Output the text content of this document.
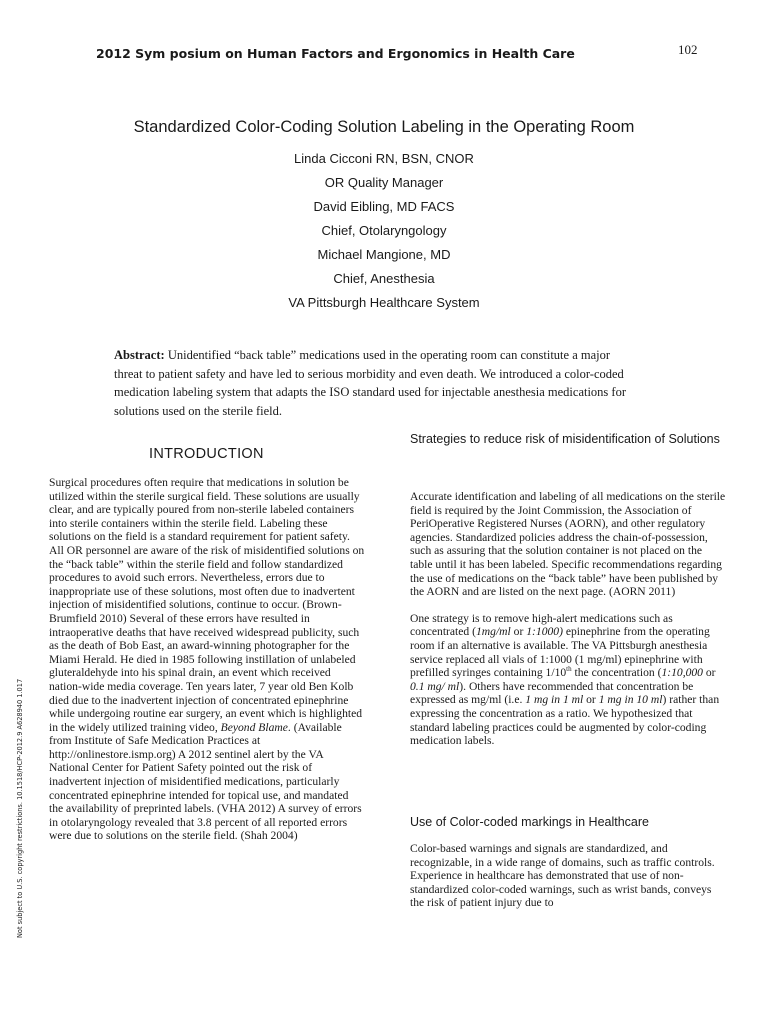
2012 Sym posium on Human Factors and Ergonomics in Health Care	102
Standardized Color-Coding Solution Labeling in the Operating Room
Linda Cicconi RN, BSN, CNOR
OR Quality Manager
David Eibling, MD FACS
Chief, Otolaryngology
Michael Mangione, MD
Chief, Anesthesia
VA Pittsburgh Healthcare System
Abstract: Unidentified “back table” medications used in the operating room can constitute a major threat to patient safety and have led to serious morbidity and even death. We introduced a color-coded medication labeling system that adapts the ISO standard used for injectable anesthesia medications for solutions used on the sterile field.
INTRODUCTION

Surgical procedures often require that medications in solution be utilized within the sterile surgical field. These solutions are usually clear, and are typically poured from non-sterile labeled containers into sterile containers within the sterile field. Labeling these solutions on the field is a standard requirement for patient safety. All OR personnel are aware of the risk of misidentified solutions on the “back table” within the sterile field and follow standardized procedures to avoid such errors. Nevertheless, errors due to inappropriate use of these solutions, most often due to inadvertent injection of misidentified solutions, continue to occur. (Brown-Brumfield 2010) Several of these errors have resulted in intraoperative deaths that have received widespread publicity, such as the death of Bob East, an award-winning photographer for the Miami Herald. He died in 1985 following instillation of unlabeled gluteraldehyde into his spinal drain, an event which received nation-wide media coverage. Ten years later, 7 year old Ben Kolb died due to the inadvertent injection of concentrated epinephrine while undergoing routine ear surgery, an event which is highlighted in the widely utilized training video, Beyond Blame. (Available from Institute of Safe Medication Practices at http://onlinestore.ismp.org) A 2012 sentinel alert by the VA National Center for Patient Safety pointed out the risk of inadvertent injection of misidentified medications, particularly concentrated epinephrine intended for topical use, and mandated the availability of preprinted labels. (VHA 2012) A survey of errors in otolaryngology revealed that 3.8 percent of all reported errors were due to solutions on the sterile field. (Shah 2004)

Strategies to reduce risk of misidentification of Solutions

Accurate identification and labeling of all medications on the sterile field is required by the Joint Commission, the Association of PeriOperative Registered Nurses (AORN), and other regulatory agencies. Standardized policies address the chain-of-possession, such as assuring that the solution container is not placed on the table until it has been labeled. Specific recommendations regarding the use of medications on the “back table” have been published by the AORN and are listed on the next page. (AORN 2011)

One strategy is to remove high-alert medications such as concentrated (1mg/ml or 1:1000) epinephrine from the operating room if an alternative is available. The VA Pittsburgh anesthesia service replaced all vials of 1:1000 (1 mg/ml) epinephrine with prefilled syringes containing 1/10th the concentration (1:10,000 or 0.1 mg/ ml). Others have recommended that concentration be expressed as mg/ml (i.e. 1 mg in 1 ml or 1 mg in 10 ml) rather than expressing the concentration as a ratio. We hypothesized that standard labeling practices could be augmented by color-coding medication labels.

Use of Color-coded markings in Healthcare

Color-based warnings and signals are standardized, and recognizable, in a wide range of domains, such as traffic controls. Experience in healthcare has demonstrated that use of non-standardized color-coded warnings, such as wrist bands, conveys the risk of patient injury due to

Not subject to U.S. copyright restrictions. 10.1518/HCP-2012.9 A628940 1.017
